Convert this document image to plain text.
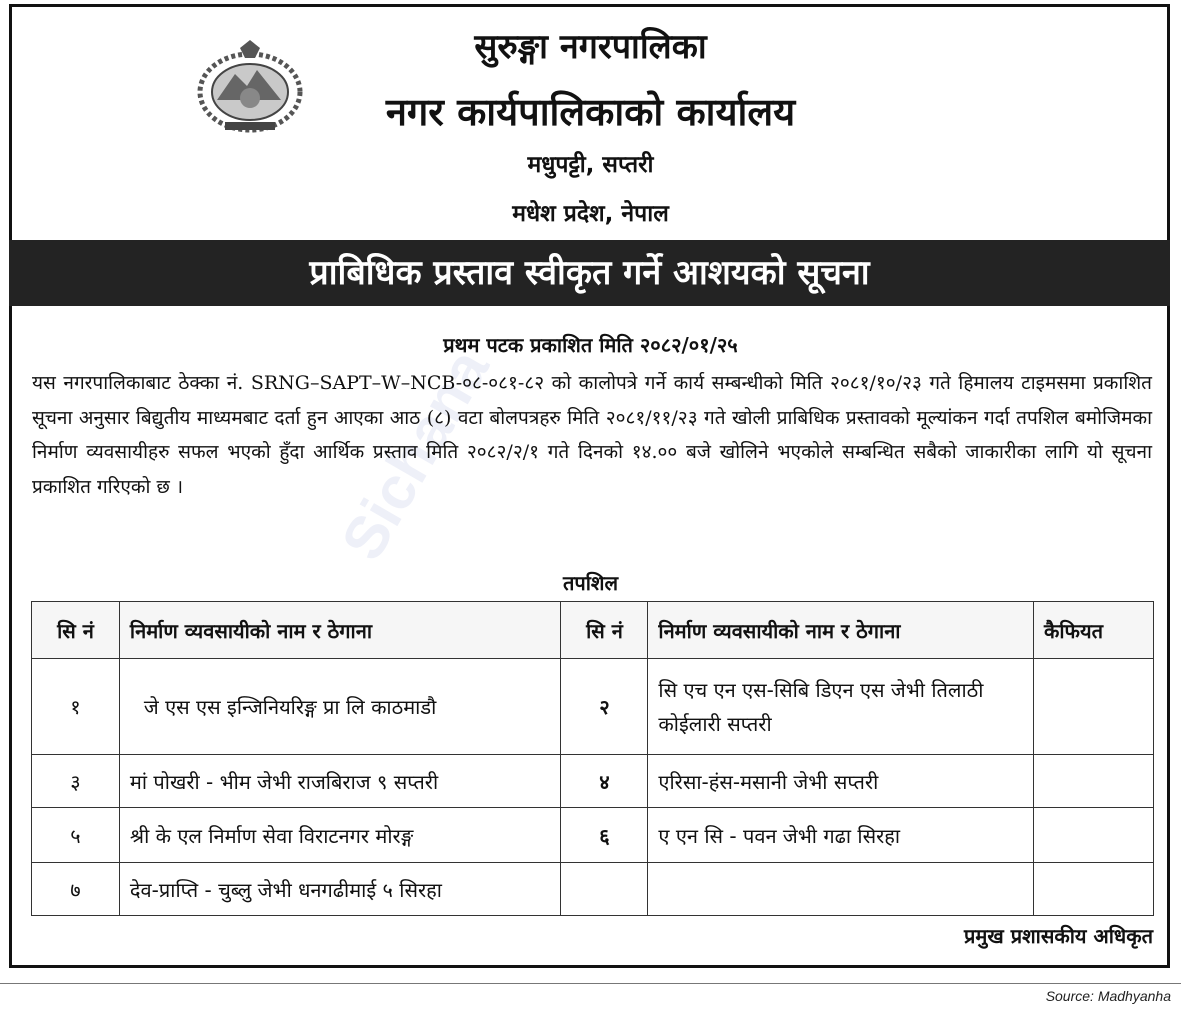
सुरुङ्गा नगरपालिका
नगर कार्यपालिकाको कार्यालय
मधुपट्टी, सप्तरी
मधेश प्रदेश, नेपाल
प्राबिधिक प्रस्ताव स्वीकृत गर्ने आशयको सूचना
Sichana
प्रथम पटक प्रकाशित मिति २०८२/०१/२५
यस नगरपालिकाबाट ठेक्का नं. SRNG–SAPT–W–NCB-०८-०८१-८२ को कालोपत्रे गर्ने कार्य सम्बन्धीको मिति २०८१/१०/२३ गते हिमालय टाइमसमा प्रकाशित सूचना अनुसार बिद्युतीय माध्यमबाट दर्ता हुन आएका आठ (८) वटा बोलपत्रहरु मिति २०८१/११/२३ गते खोली प्राबिधिक प्रस्तावको मूल्यांकन गर्दा तपशिल बमोजिमका निर्माण व्यवसायीहरु सफल भएको हुँदा आर्थिक प्रस्ताव मिति २०८२/२/१ गते दिनको १४.०० बजे खोलिने भएकोले सम्बन्धित सबैको जाकारीका लागि यो सूचना प्रकाशित गरिएको छ ।
तपशिल
सि नं	निर्माण व्यवसायीको नाम र ठेगाना	सि नं	निर्माण व्यवसायीको नाम र ठेगाना	कैफियत
१	जे एस एस इन्जिनियरिङ्ग प्रा लि काठमाडौ	२	सि एच एन एस-सिबि डिएन एस जेभी तिलाठी कोईलारी सप्तरी	
३	मां पोखरी - भीम जेभी राजबिराज ९ सप्तरी	४	एरिसा-हंस-मसानी जेभी सप्तरी	
५	श्री के एल निर्माण सेवा विराटनगर मोरङ्ग	६	ए एन सि - पवन जेभी गढा सिरहा	
७	देव-प्राप्ति - चुब्लु जेभी धनगढीमाई ५ सिरहा			
प्रमुख प्रशासकीय अधिकृत
Source: Madhyanha
